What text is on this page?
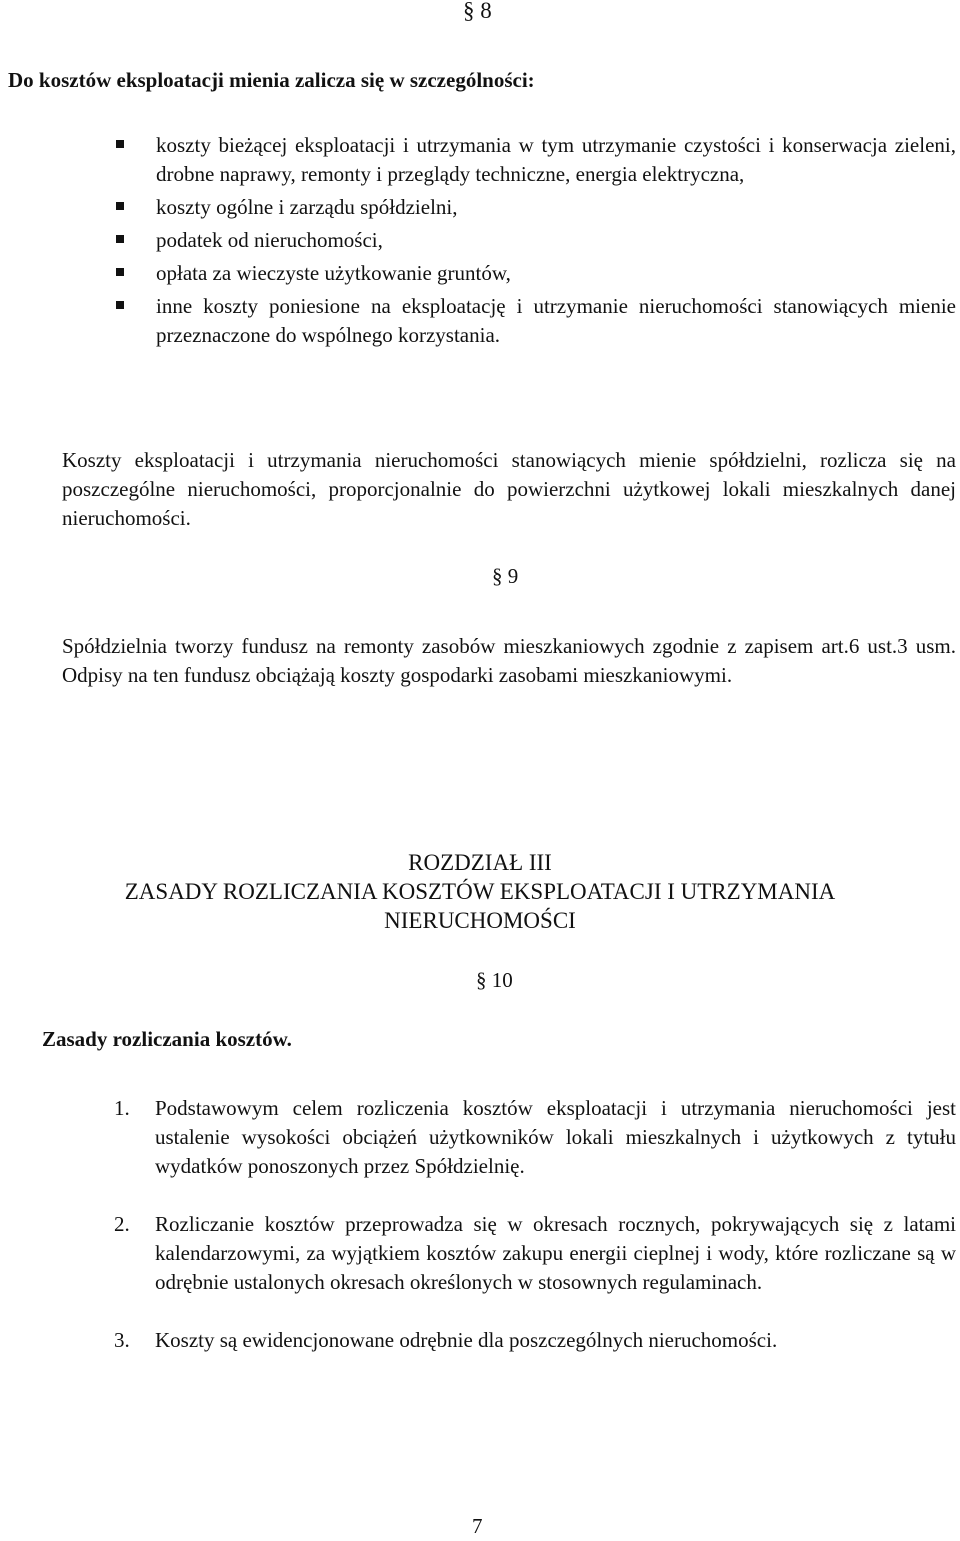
§ 8
Do kosztów eksploatacji mienia zalicza się w szczególności:
koszty bieżącej eksploatacji i utrzymania w tym utrzymanie czystości i konserwacja zieleni, drobne naprawy, remonty i przeglądy techniczne, energia elektryczna,
koszty ogólne i zarządu spółdzielni,
podatek od nieruchomości,
opłata za wieczyste użytkowanie gruntów,
inne koszty poniesione na eksploatację i utrzymanie nieruchomości stanowiących mienie przeznaczone do wspólnego korzystania.
Koszty eksploatacji i utrzymania nieruchomości stanowiących mienie spółdzielni, rozlicza się na poszczególne nieruchomości, proporcjonalnie do powierzchni użytkowej lokali mieszkalnych danej nieruchomości.
§ 9
Spółdzielnia tworzy fundusz na remonty zasobów mieszkaniowych zgodnie z zapisem art.6 ust.3 usm. Odpisy na ten fundusz obciążają koszty gospodarki zasobami mieszkaniowymi.
ROZDZIAŁ III
ZASADY ROZLICZANIA KOSZTÓW EKSPLOATACJI I UTRZYMANIA
NIERUCHOMOŚCI
§ 10
Zasady rozliczania kosztów.
1. Podstawowym celem rozliczenia kosztów eksploatacji i utrzymania nieruchomości jest ustalenie wysokości obciążeń użytkowników lokali mieszkalnych i użytkowych z tytułu wydatków ponoszonych przez Spółdzielnię.
2. Rozliczanie kosztów przeprowadza się w okresach rocznych, pokrywających się z latami kalendarzowymi, za wyjątkiem kosztów zakupu energii cieplnej i wody, które rozliczane są w odrębnie ustalonych okresach określonych w stosownych regulaminach.
3. Koszty są ewidencjonowane odrębnie dla poszczególnych nieruchomości.
7
